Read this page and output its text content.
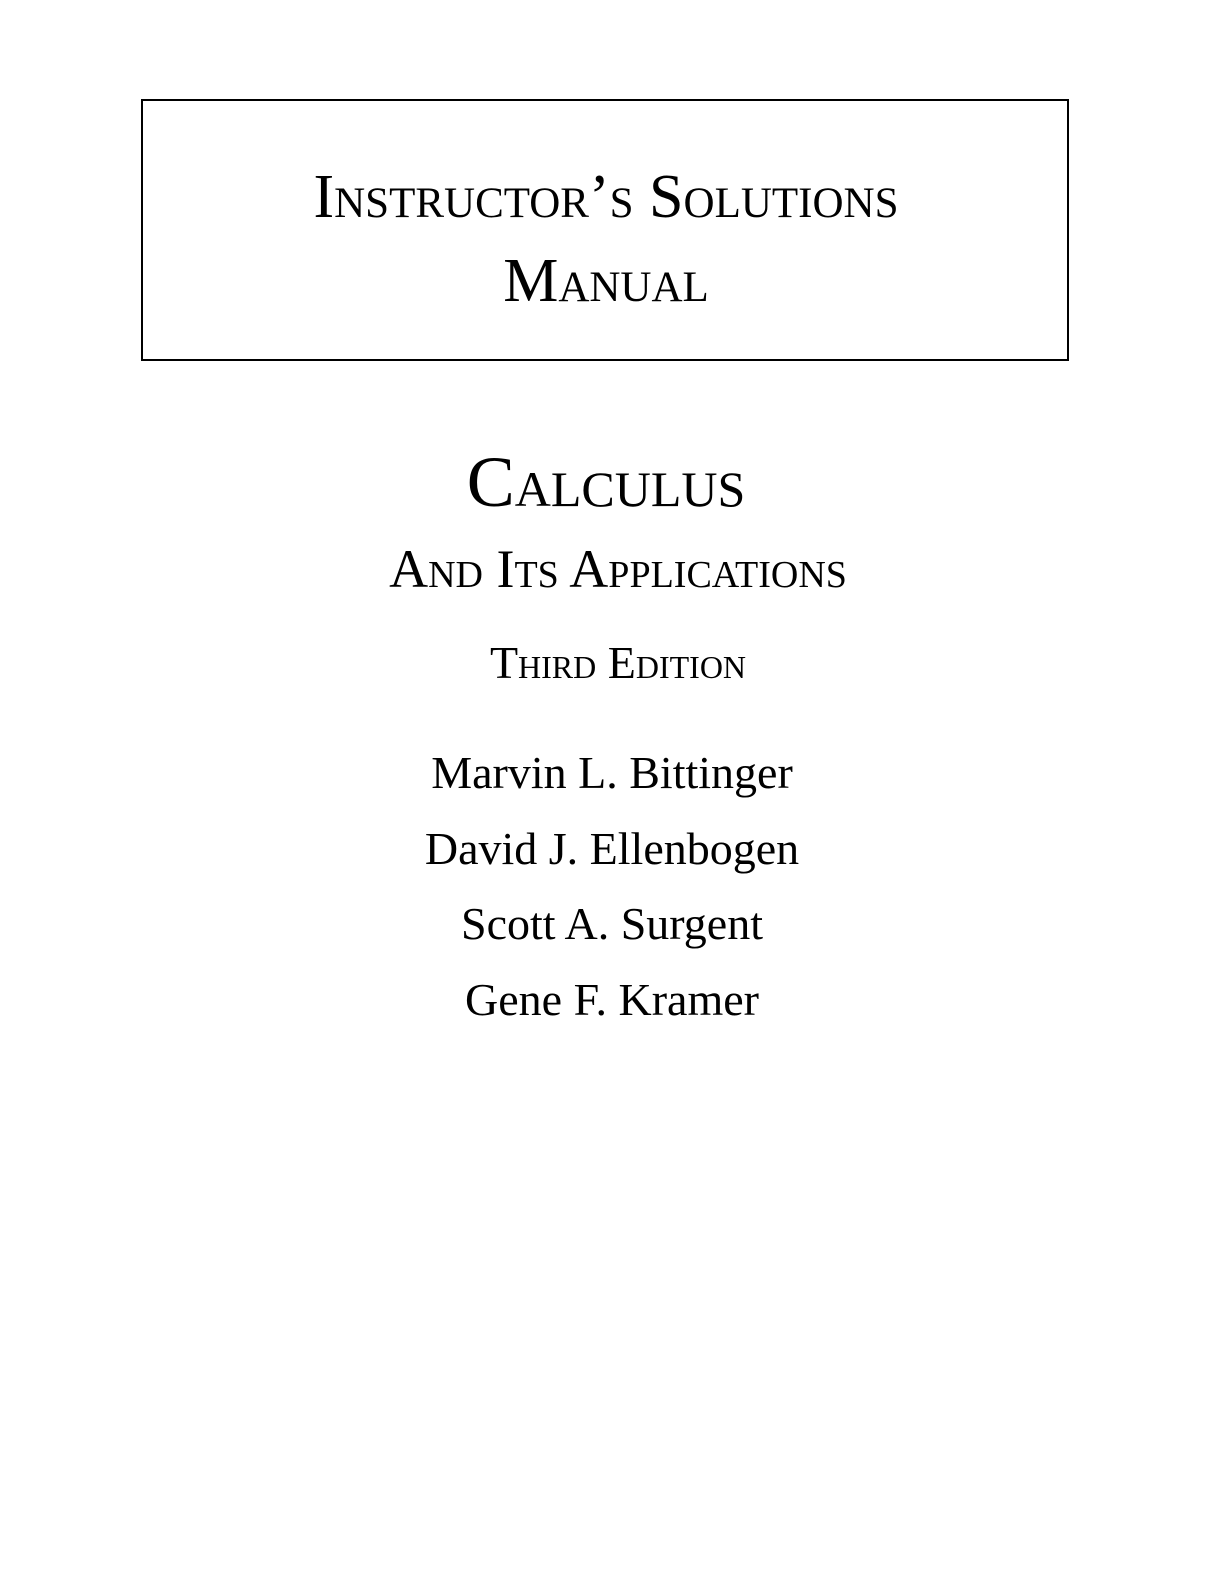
Instructor’s Solutions
Manual
Calculus
And Its Applications
Third Edition
Marvin L. Bittinger
David J. Ellenbogen
Scott A. Surgent
Gene F. Kramer
